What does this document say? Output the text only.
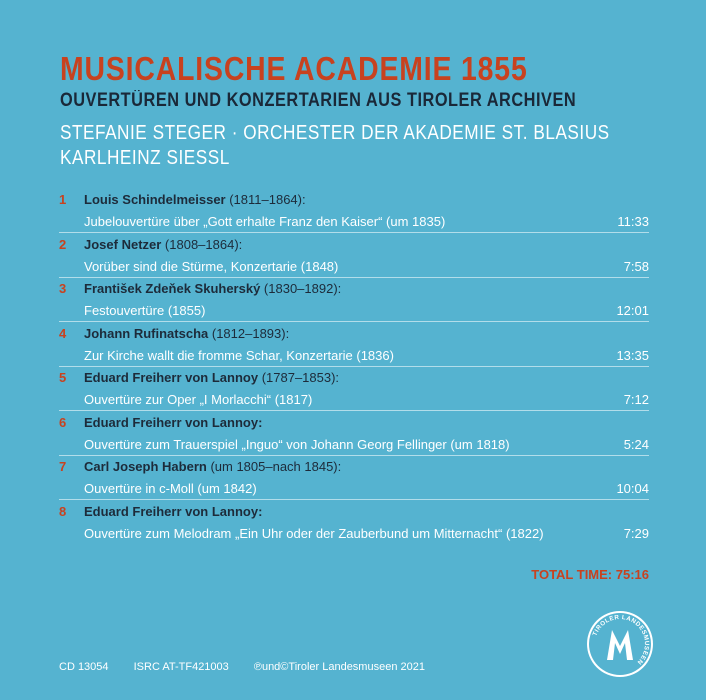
MUSICALISCHE ACADEMIE 1855
OUVERTÜREN UND KONZERTARIEN AUS TIROLER ARCHIVEN
STEFANIE STEGER · ORCHESTER DER AKADEMIE ST. BLASIUS
KARLHEINZ SIESSL
1 Louis Schindelmeisser (1811–1864):
Jubelouvertüre über „Gott erhalte Franz den Kaiser“ (um 1835)	11:33
2 Josef Netzer (1808–1864):
Vorüber sind die Stürme, Konzertarie (1848)	7:58
3 František Zdeňek Skuherský (1830–1892):
Festouvertüre (1855)	12:01
4 Johann Rufinatscha (1812–1893):
Zur Kirche wallt die fromme Schar, Konzertarie (1836)	13:35
5 Eduard Freiherr von Lannoy (1787–1853):
Ouvertüre zur Oper „I Morlacchi“ (1817)	7:12
6 Eduard Freiherr von Lannoy:
Ouvertüre zum Trauerspiel „Inguo“ von Johann Georg Fellinger (um 1818)	5:24
7 Carl Joseph Habern (um 1805–nach 1845):
Ouvertüre in c-Moll (um 1842)	10:04
8 Eduard Freiherr von Lannoy:
Ouvertüre zum Melodram „Ein Uhr oder der Zauberbund um Mitternacht“ (1822)	7:29
TOTAL TIME: 75:16
CD 13054 ISRC AT-TF421003 ℗und©Tiroler Landesmuseen 2021
TIROLER LANDESMUSEEN
